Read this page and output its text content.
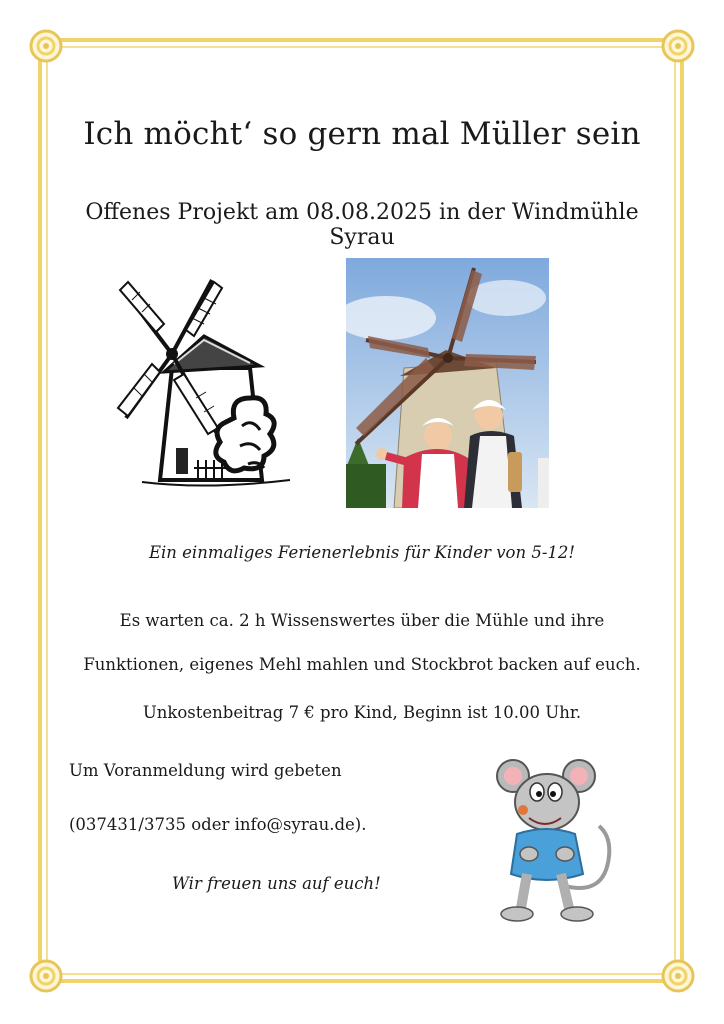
Ich möcht‘ so gern mal Müller sein
Offenes Projekt am 08.08.2025 in der Windmühle Syrau
Ein einmaliges Ferienerlebnis für Kinder von 5-12!
Es warten ca. 2 h Wissenswertes über die Mühle und ihre
Funktionen, eigenes Mehl mahlen und Stockbrot backen auf euch.
Unkostenbeitrag 7 € pro Kind, Beginn ist 10.00 Uhr.
Um Voranmeldung wird gebeten
(037431/3735 oder info@syrau.de).
Wir freuen uns auf euch!
